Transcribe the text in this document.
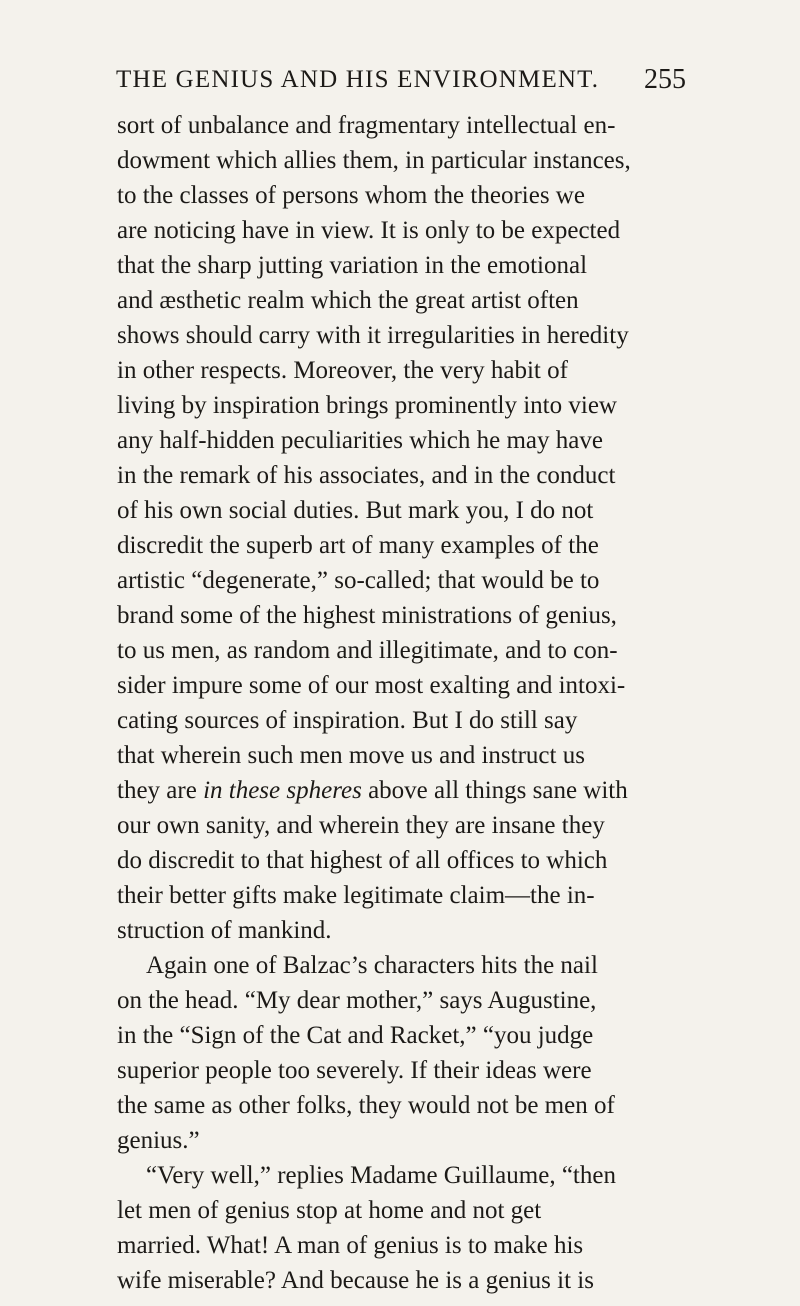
THE GENIUS AND HIS ENVIRONMENT. 255
sort of unbalance and fragmentary intellectual en-
dowment which allies them, in particular instances,
to the classes of persons whom the theories we
are noticing have in view. It is only to be expected
that the sharp jutting variation in the emotional
and æsthetic realm which the great artist often
shows should carry with it irregularities in heredity
in other respects. Moreover, the very habit of
living by inspiration brings prominently into view
any half-hidden peculiarities which he may have
in the remark of his associates, and in the conduct
of his own social duties. But mark you, I do not
discredit the superb art of many examples of the
artistic “degenerate,” so-called; that would be to
brand some of the highest ministrations of genius,
to us men, as random and illegitimate, and to con-
sider impure some of our most exalting and intoxi-
cating sources of inspiration. But I do still say
that wherein such men move us and instruct us
they are in these spheres above all things sane with
our own sanity, and wherein they are insane they
do discredit to that highest of all offices to which
their better gifts make legitimate claim—the in-
struction of mankind.
Again one of Balzac’s characters hits the nail
on the head. “My dear mother,” says Augustine,
in the “Sign of the Cat and Racket,” “you judge
superior people too severely. If their ideas were
the same as other folks, they would not be men of
genius.”
“Very well,” replies Madame Guillaume, “then
let men of genius stop at home and not get
married. What! A man of genius is to make his
wife miserable? And because he is a genius it is
